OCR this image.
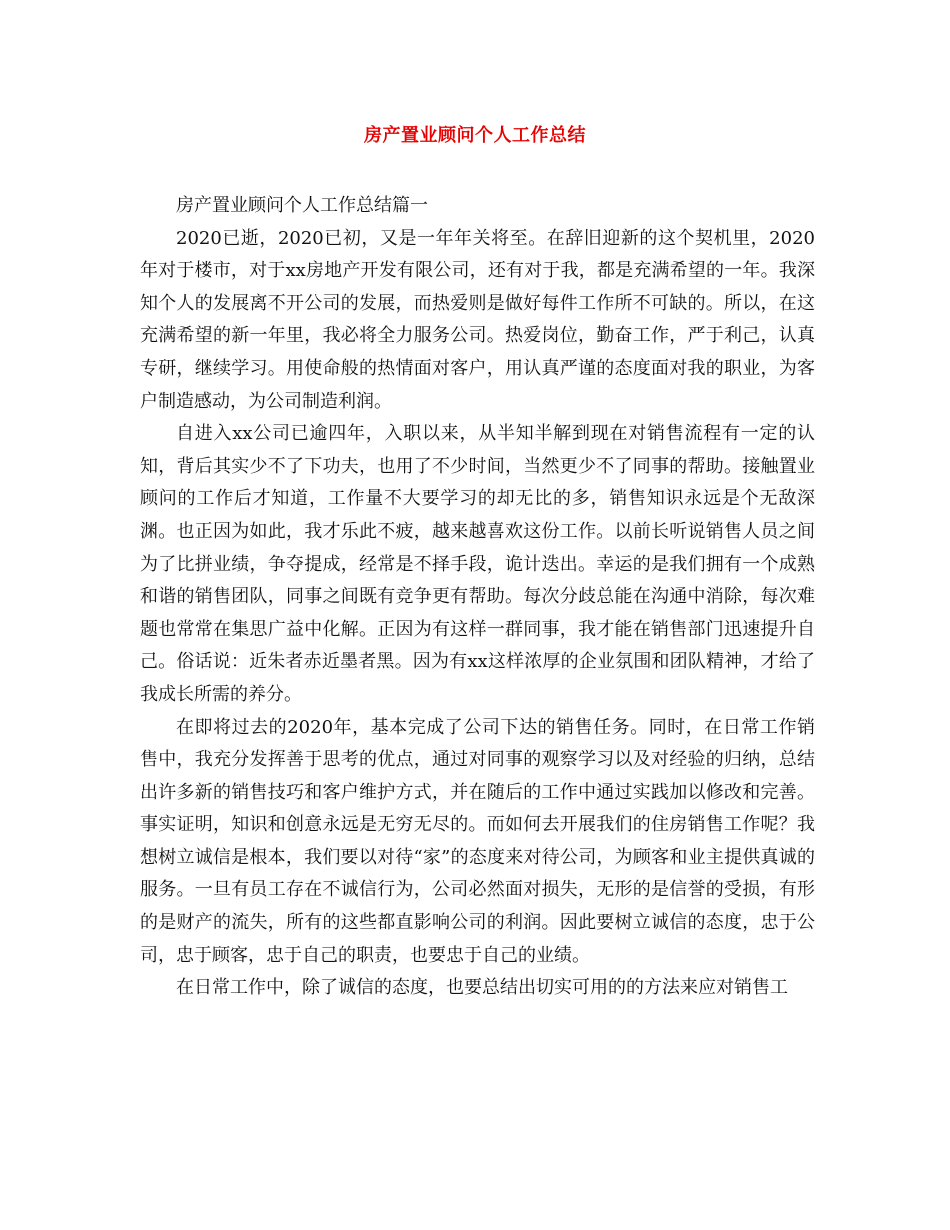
房产置业顾问个人工作总结

房产置业顾问个人工作总结篇一

2020已逝，2020已初，又是一年年关将至。在辞旧迎新的这个契机里，2020年对于楼市，对于xx房地产开发有限公司，还有对于我，都是充满希望的一年。我深知个人的发展离不开公司的发展，而热爱则是做好每件工作所不可缺的。所以，在这充满希望的新一年里，我必将全力服务公司。热爱岗位，勤奋工作，严于利己，认真专研，继续学习。用使命般的热情面对客户，用认真严谨的态度面对我的职业，为客户制造感动，为公司制造利润。

自进入xx公司已逾四年，入职以来，从半知半解到现在对销售流程有一定的认知，背后其实少不了下功夫，也用了不少时间，当然更少不了同事的帮助。接触置业顾问的工作后才知道，工作量不大要学习的却无比的多，销售知识永远是个无敌深渊。也正因为如此，我才乐此不疲，越来越喜欢这份工作。以前长听说销售人员之间为了比拼业绩，争夺提成，经常是不择手段，诡计迭出。幸运的是我们拥有一个成熟和谐的销售团队，同事之间既有竞争更有帮助。每次分歧总能在沟通中消除，每次难题也常常在集思广益中化解。正因为有这样一群同事，我才能在销售部门迅速提升自己。俗话说：近朱者赤近墨者黑。因为有xx这样浓厚的企业氛围和团队精神，才给了我成长所需的养分。

在即将过去的2020年，基本完成了公司下达的销售任务。同时，在日常工作销售中，我充分发挥善于思考的优点，通过对同事的观察学习以及对经验的归纳，总结出许多新的销售技巧和客户维护方式，并在随后的工作中通过实践加以修改和完善。事实证明，知识和创意永远是无穷无尽的。而如何去开展我们的住房销售工作呢？我想树立诚信是根本，我们要以对待“家”的态度来对待公司，为顾客和业主提供真诚的服务。一旦有员工存在不诚信行为，公司必然面对损失，无形的是信誉的受损，有形的是财产的流失，所有的这些都直影响公司的利润。因此要树立诚信的态度，忠于公司，忠于顾客，忠于自己的职责，也要忠于自己的业绩。

在日常工作中，除了诚信的态度，也要总结出切实可用的的方法来应对销售工
